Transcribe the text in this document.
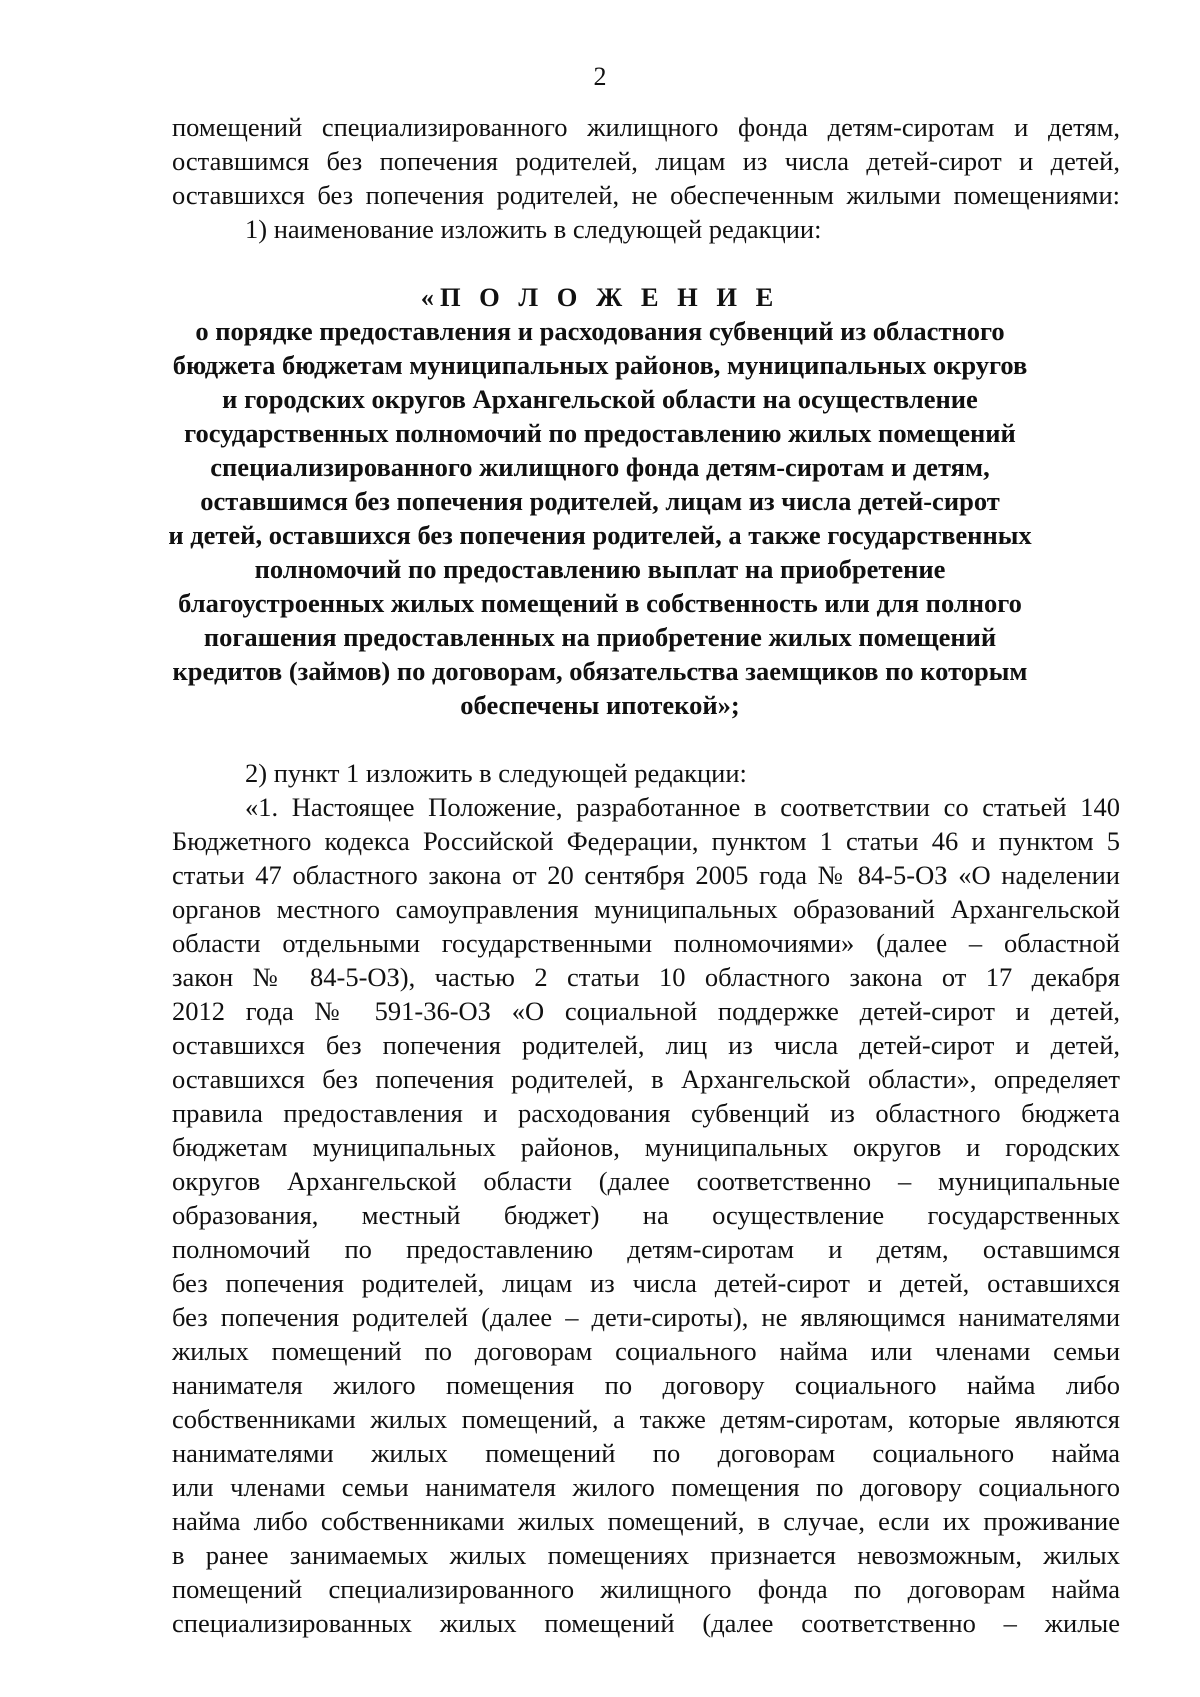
2
помещений специализированного жилищного фонда детям-сиротам и детям,
оставшимся без попечения родителей, лицам из числа детей-сирот и детей,
оставшихся без попечения родителей, не обеспеченным жилыми помещениями:
1) наименование изложить в следующей редакции:
«П О Л О Ж Е Н И Е
о порядке предоставления и расходования субвенций из областного
бюджета бюджетам муниципальных районов, муниципальных округов
и городских округов Архангельской области на осуществление
государственных полномочий по предоставлению жилых помещений
специализированного жилищного фонда детям-сиротам и детям,
оставшимся без попечения родителей, лицам из числа детей-сирот
и детей, оставшихся без попечения родителей, а также государственных
полномочий по предоставлению выплат на приобретение
благоустроенных жилых помещений в собственность или для полного
погашения предоставленных на приобретение жилых помещений
кредитов (займов) по договорам, обязательства заемщиков по которым
обеспечены ипотекой»;
2) пункт 1 изложить в следующей редакции:
«1. Настоящее Положение, разработанное в соответствии со статьей 140
Бюджетного кодекса Российской Федерации, пунктом 1 статьи 46 и пунктом 5
статьи 47 областного закона от 20 сентября 2005 года № 84-5-ОЗ «О наделении
органов местного самоуправления муниципальных образований Архангельской
области отдельными государственными полномочиями» (далее – областной
закон № 84-5-ОЗ), частью 2 статьи 10 областного закона от 17 декабря
2012 года № 591-36-ОЗ «О социальной поддержке детей-сирот и детей,
оставшихся без попечения родителей, лиц из числа детей-сирот и детей,
оставшихся без попечения родителей, в Архангельской области», определяет
правила предоставления и расходования субвенций из областного бюджета
бюджетам муниципальных районов, муниципальных округов и городских
округов Архангельской области (далее соответственно – муниципальные
образования, местный бюджет) на осуществление государственных
полномочий по предоставлению детям-сиротам и детям, оставшимся
без попечения родителей, лицам из числа детей-сирот и детей, оставшихся
без попечения родителей (далее – дети-сироты), не являющимся нанимателями
жилых помещений по договорам социального найма или членами семьи
нанимателя жилого помещения по договору социального найма либо
собственниками жилых помещений, а также детям-сиротам, которые являются
нанимателями жилых помещений по договорам социального найма
или членами семьи нанимателя жилого помещения по договору социального
найма либо собственниками жилых помещений, в случае, если их проживание
в ранее занимаемых жилых помещениях признается невозможным, жилых
помещений специализированного жилищного фонда по договорам найма
специализированных жилых помещений (далее соответственно – жилые
